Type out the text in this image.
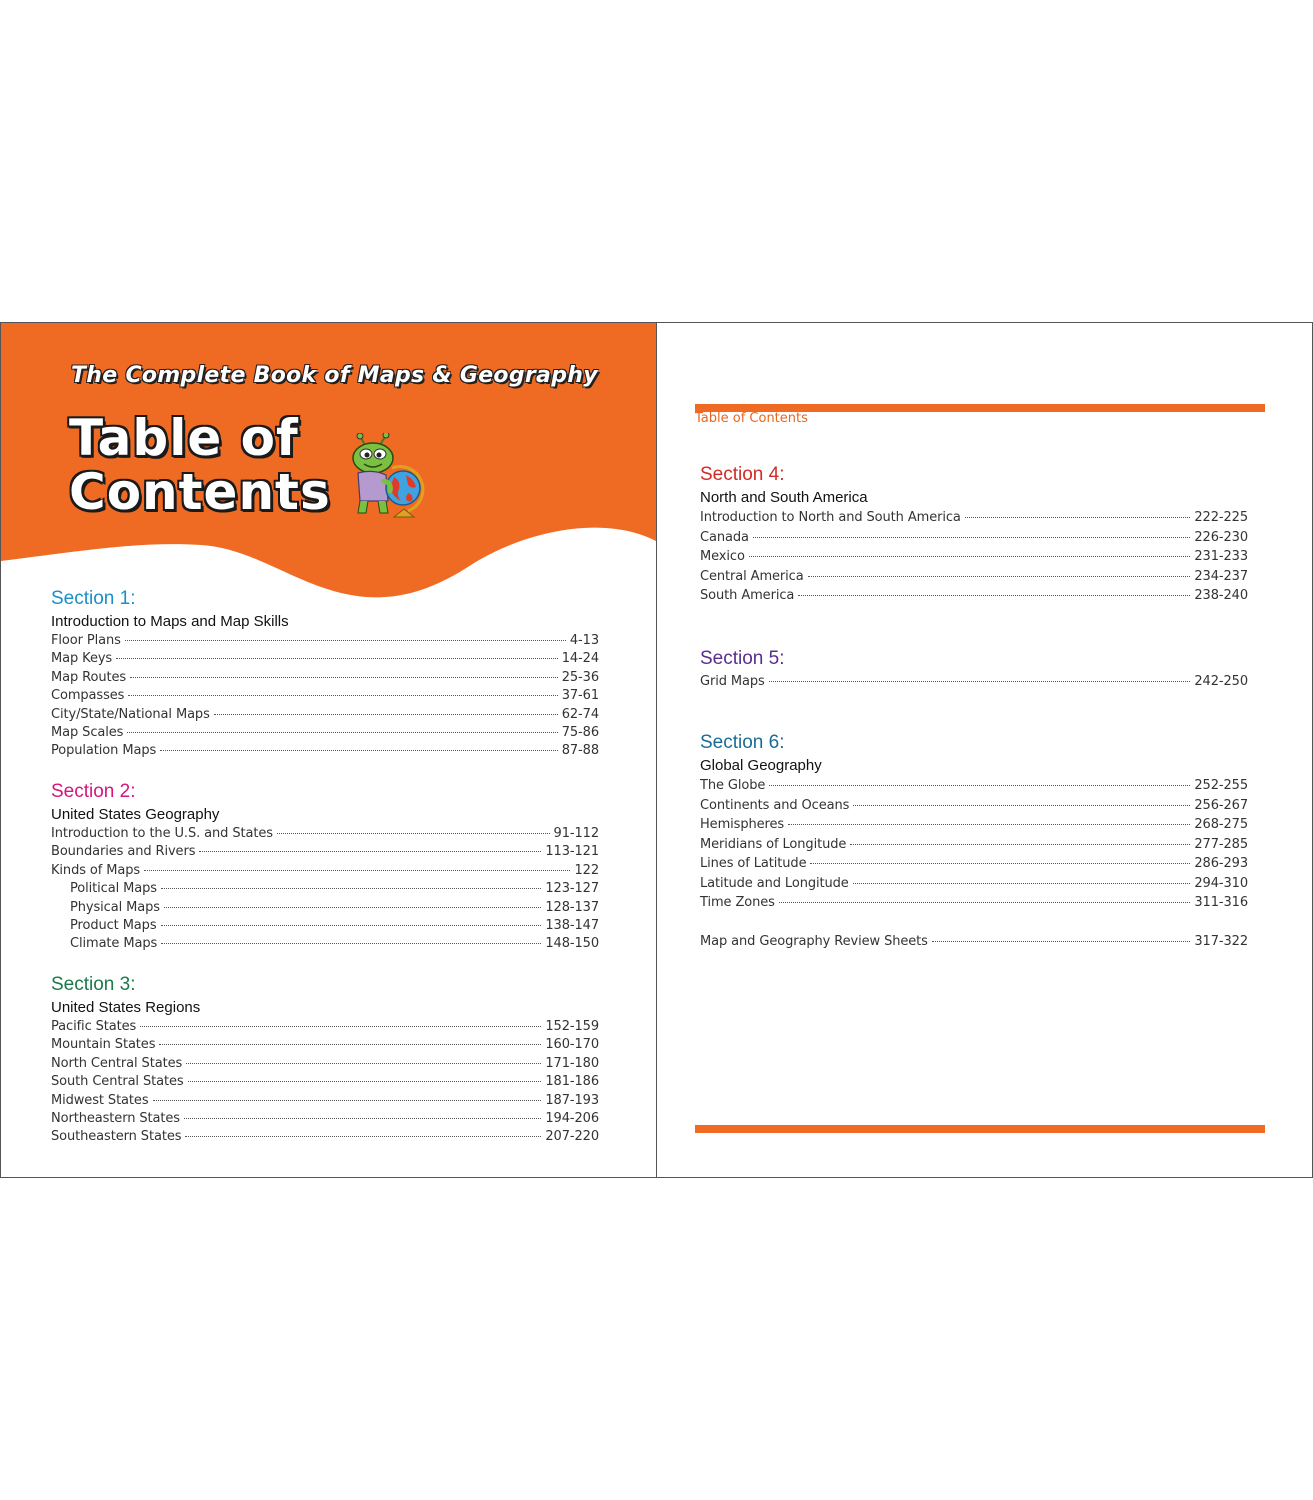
The Complete Book of Maps & Geography
Table of
Contents
Section 1:
Introduction to Maps and Map Skills
Floor Plans	4-13
Map Keys	14-24
Map Routes	25-36
Compasses	37-61
City/State/National Maps	62-74
Map Scales	75-86
Population Maps	87-88
Section 2:
United States Geography
Introduction to the U.S. and States	91-112
Boundaries and Rivers	113-121
Kinds of Maps	122
Political Maps	123-127
Physical Maps	128-137
Product Maps	138-147
Climate Maps	148-150
Section 3:
United States Regions
Pacific States	152-159
Mountain States	160-170
North Central States	171-180
South Central States	181-186
Midwest States	187-193
Northeastern States	194-206
Southeastern States	207-220
Table of Contents
Section 4:
North and South America
Introduction to North and South America	222-225
Canada	226-230
Mexico	231-233
Central America	234-237
South America	238-240
Section 5:
Grid Maps	242-250
Section 6:
Global Geography
The Globe	252-255
Continents and Oceans	256-267
Hemispheres	268-275
Meridians of Longitude	277-285
Lines of Latitude	286-293
Latitude and Longitude	294-310
Time Zones	311-316
Map and Geography Review Sheets	317-322
